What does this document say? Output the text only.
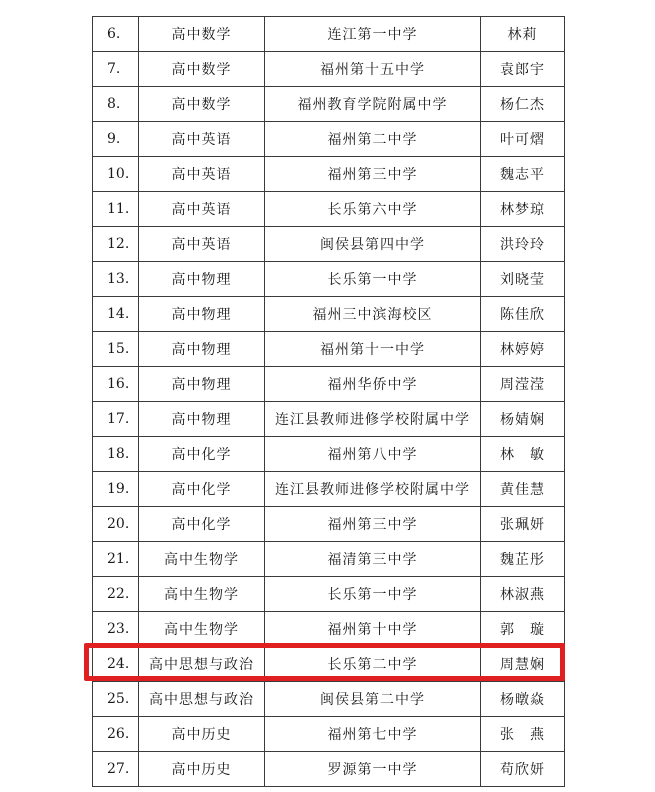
6.	高中数学	连江第一中学	林莉
7.	高中数学	福州第十五中学	袁郎宇
8.	高中数学	福州教育学院附属中学	杨仁杰
9.	高中英语	福州第二中学	叶可熠
10.	高中英语	福州第三中学	魏志平
11.	高中英语	长乐第六中学	林梦琼
12.	高中英语	闽侯县第四中学	洪玲玲
13.	高中物理	长乐第一中学	刘晓莹
14.	高中物理	福州三中滨海校区	陈佳欣
15.	高中物理	福州第十一中学	林婷婷
16.	高中物理	福州华侨中学	周滢滢
17.	高中物理	连江县教师进修学校附属中学	杨婧娴
18.	高中化学	福州第八中学	林　敏
19.	高中化学	连江县教师进修学校附属中学	黄佳慧
20.	高中化学	福州第三中学	张珮妍
21.	高中生物学	福清第三中学	魏芷彤
22.	高中生物学	长乐第一中学	林淑燕
23.	高中生物学	福州第十中学	郭　璇
24.	高中思想与政治	长乐第二中学	周慧娴
25.	高中思想与政治	闽侯县第二中学	杨暾焱
26.	高中历史	福州第七中学	张　燕
27.	高中历史	罗源第一中学	苟欣妍
